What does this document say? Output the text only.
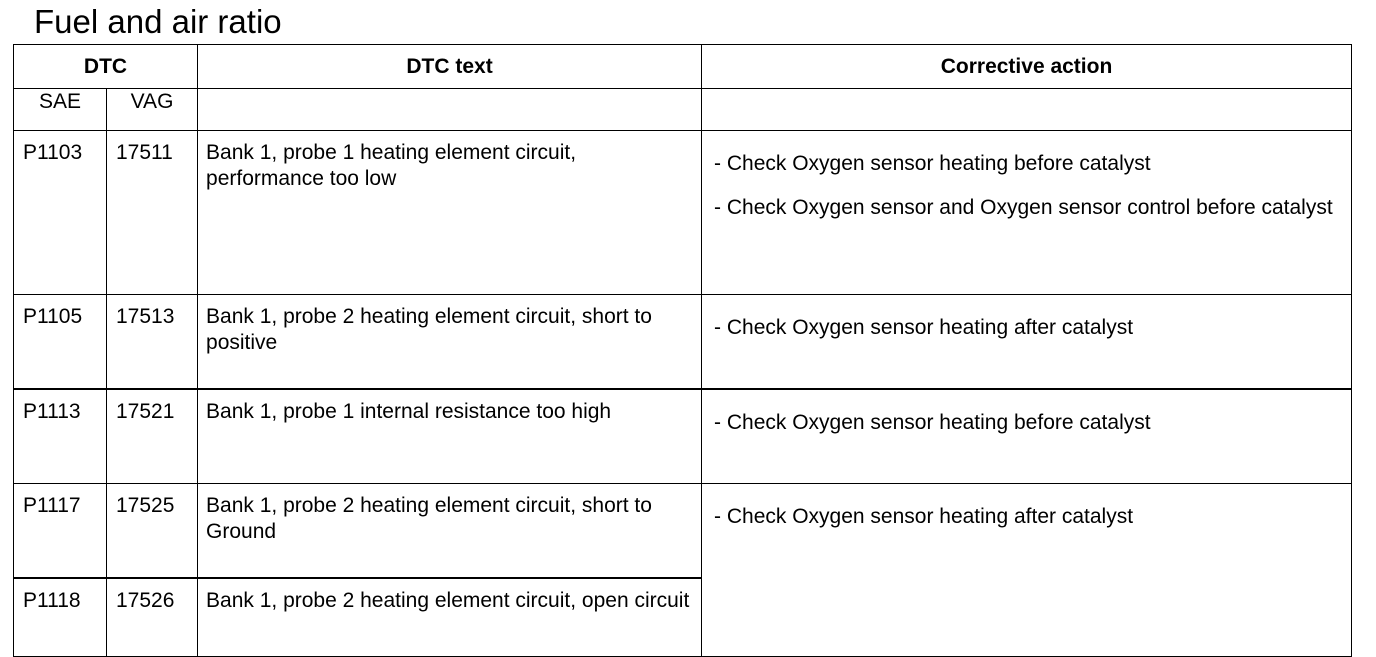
Fuel and air ratio
DTC		DTC text	Corrective action
SAE	VAG		
P1103	17511	Bank 1, probe 1 heating element circuit, performance too low	- Check Oxygen sensor heating before catalyst
- Check Oxygen sensor and Oxygen sensor control before catalyst

P1105	17513	Bank 1, probe 2 heating element circuit, short to positive	- Check Oxygen sensor heating after catalyst

P1113	17521	Bank 1, probe 1 internal resistance too high	- Check Oxygen sensor heating before catalyst

P1117	17525	Bank 1, probe 2 heating element circuit, short to Ground	- Check Oxygen sensor heating after catalyst

P1118	17526	Bank 1, probe 2 heating element circuit, open circuit	
